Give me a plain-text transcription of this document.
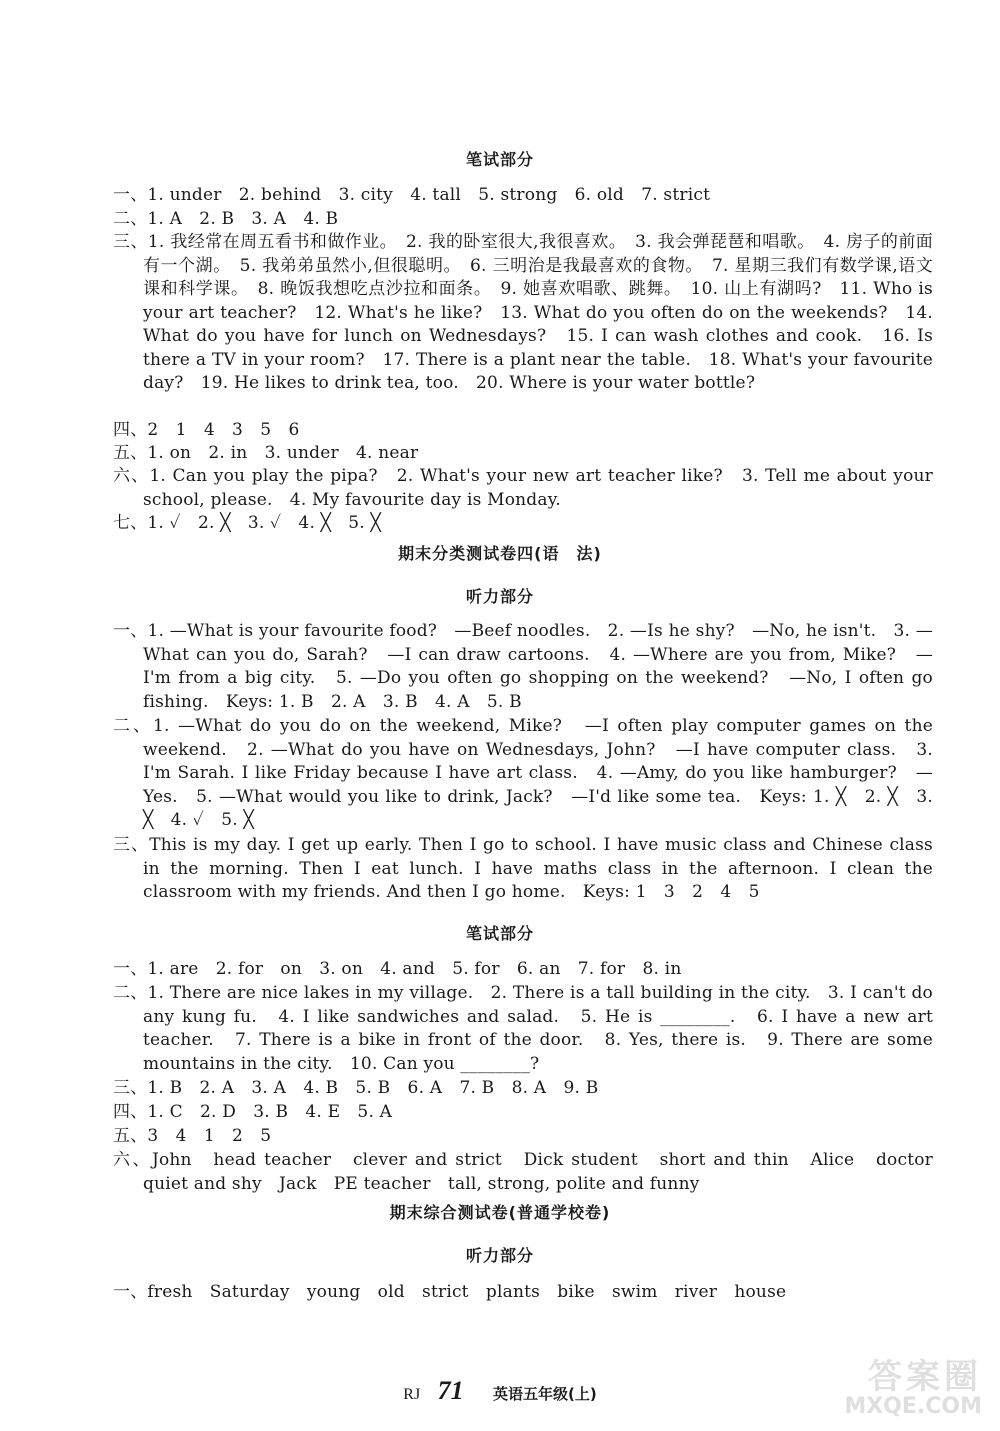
笔试部分
一、1. under　2. behind　3. city　4. tall　5. strong　6. old　7. strict
二、1. A　2. B　3. A　4. B
三、1. 我经常在周五看书和做作业。　2. 我的卧室很大,我很喜欢。　3. 我会弹琵琶和唱歌。　4. 房子的前面有一个湖。　5. 我弟弟虽然小,但很聪明。　6. 三明治是我最喜欢的食物。　7. 星期三我们有数学课,语文课和科学课。　8. 晚饭我想吃点沙拉和面条。　9. 她喜欢唱歌、跳舞。　10. 山上有湖吗?　11. Who is your art teacher?　12. What's he like?　13. What do you often do on the weekends?　14. What do you have for lunch on Wednesdays?　15. I can wash clothes and cook.　16. Is there a TV in your room?　17. There is a plant near the table.　18. What's your favourite day?　19. He likes to drink tea, too.　20. Where is your water bottle?
四、2　1　4　3　5　6
五、1. on　2. in　3. under　4. near
六、1. Can you play the pipa?　2. What's your new art teacher like?　3. Tell me about your school, please.　4. My favourite day is Monday.
七、1. ✓　2. ╳　3. ✓　4. ╳　5. ╳
期末分类测试卷四(语　法)
听力部分
一、1. —What is your favourite food?　—Beef noodles.　2. —Is he shy?　—No, he isn't.　3. —What can you do, Sarah?　—I can draw cartoons.　4. —Where are you from, Mike?　—I'm from a big city.　5. —Do you often go shopping on the weekend?　—No, I often go fishing.　Keys: 1. B　2. A　3. B　4. A　5. B
二、1. —What do you do on the weekend, Mike?　—I often play computer games on the weekend.　2. —What do you have on Wednesdays, John?　—I have computer class.　3. I'm Sarah. I like Friday because I have art class.　4. —Amy, do you like hamburger?　—Yes.　5. —What would you like to drink, Jack?　—I'd like some tea.　Keys: 1. ╳　2. ╳　3. ╳　4. ✓　5. ╳
三、This is my day. I get up early. Then I go to school. I have music class and Chinese class in the morning. Then I eat lunch. I have maths class in the afternoon. I clean the classroom with my friends. And then I go home.　Keys: 1　3　2　4　5
笔试部分
一、1. are　2. for　on　3. on　4. and　5. for　6. an　7. for　8. in
二、1. There are nice lakes in my village.　2. There is a tall building in the city.　3. I can't do any kung fu.　4. I like sandwiches and salad.　5. He is ________.　6. I have a new art teacher.　7. There is a bike in front of the door.　8. Yes, there is.　9. There are some mountains in the city.　10. Can you ________?
三、1. B　2. A　3. A　4. B　5. B　6. A　7. B　8. A　9. B
四、1. C　2. D　3. B　4. E　5. A
五、3　4　1　2　5
六、John　head teacher　clever and strict　Dick student　short and thin　Alice　doctor　quiet and shy　Jack　PE teacher　tall, strong, polite and funny
期末综合测试卷(普通学校卷)
听力部分
一、fresh　Saturday　young　old　strict　plants　bike　swim　river　house
RJ 71 英语五年级(上)	答案圈
MXQE.COM
